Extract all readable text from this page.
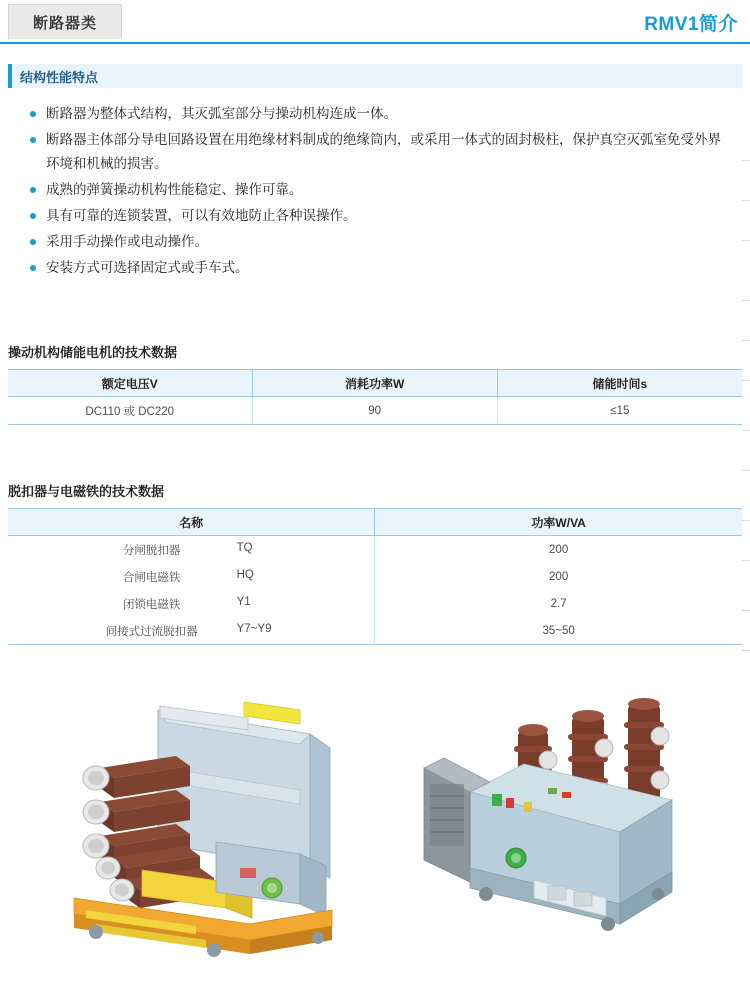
断路器类	RMV1简介
结构性能特点
断路器为整体式结构，其灭弧室部分与操动机构连成一体。
断路器主体部分导电回路设置在用绝缘材料制成的绝缘筒内，或采用一体式的固封极柱，保护真空灭弧室免受外界环境和机械的损害。
成熟的弹簧操动机构性能稳定、操作可靠。
具有可靠的连锁装置，可以有效地防止各种误操作。
采用手动操作或电动操作。
安装方式可选择固定式或手车式。
操动机构储能电机的技术数据
额定电压V	消耗功率W	储能时间s
DC110 或 DC220	90	≤15
脱扣器与电磁铁的技术数据
名称	功率W/VA

分闸脱扣器 TQ	200

合闸电磁铁 HQ	200

闭锁电磁铁 Y1	2.7

间接式过流脱扣器 Y7~Y9	35~50
